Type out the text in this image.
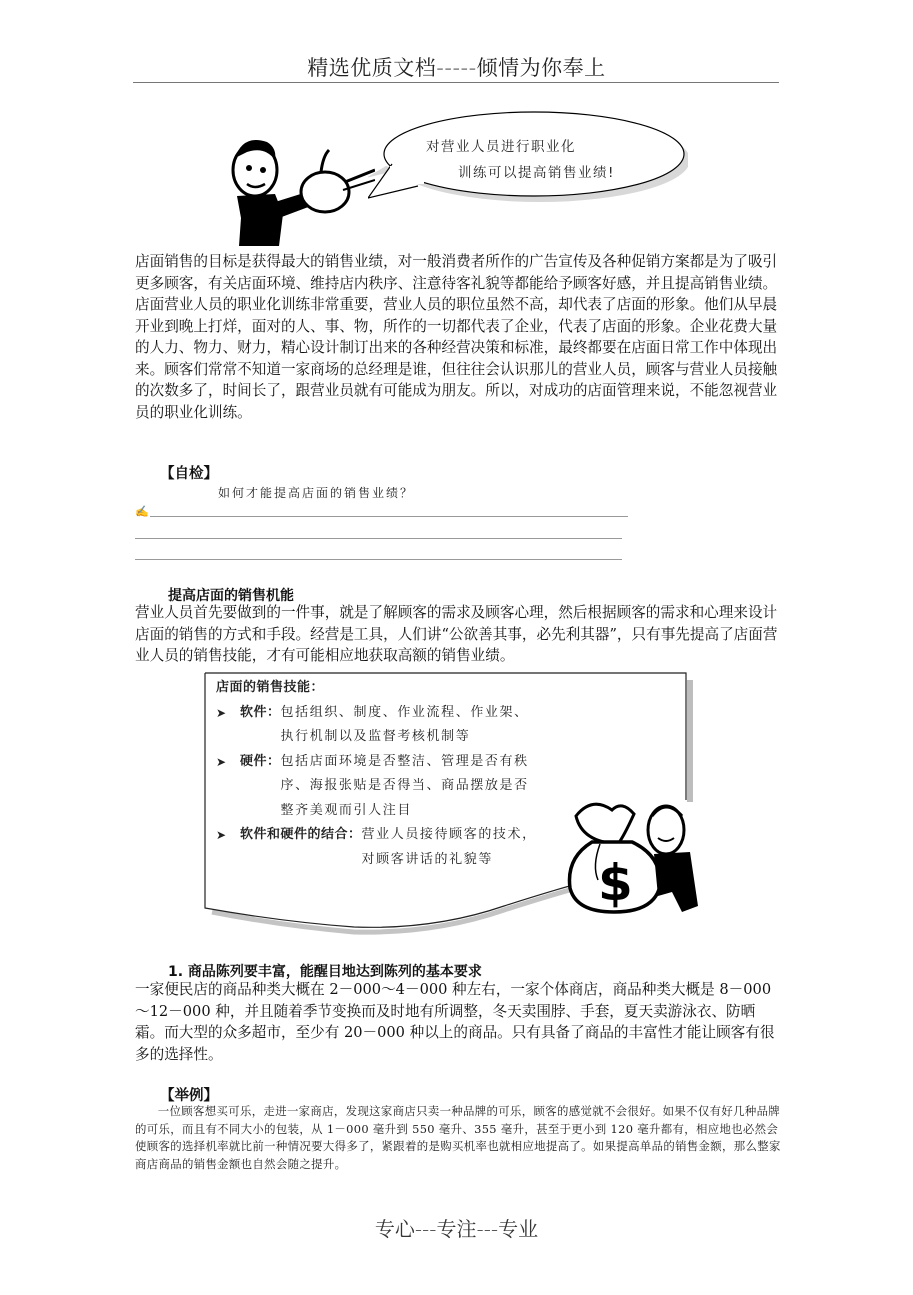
精选优质文档-----倾情为你奉上
对营业人员进行职业化
训练可以提高销售业绩!

店面销售的目标是获得最大的销售业绩，对一般消费者所作的广告宣传及各种促销方案都是为了吸引更多顾客，有关店面环境、维持店内秩序、注意待客礼貌等都能给予顾客好感，并且提高销售业绩。

店面营业人员的职业化训练非常重要，营业人员的职位虽然不高，却代表了店面的形象。他们从早晨开业到晚上打烊，面对的人、事、物，所作的一切都代表了企业，代表了店面的形象。企业花费大量的人力、物力、财力，精心设计制订出来的各种经营决策和标准，最终都要在店面日常工作中体现出来。顾客们常常不知道一家商场的总经理是谁，但往往会认识那儿的营业人员，顾客与营业人员接触的次数多了，时间长了，跟营业员就有可能成为朋友。所以，对成功的店面管理来说，不能忽视营业员的职业化训练。

【自检】
如何才能提高店面的销售业绩？
✍
提高店面的销售机能

营业人员首先要做到的一件事，就是了解顾客的需求及顾客心理，然后根据顾客的需求和心理来设计店面的销售的方式和手段。经营是工具，人们讲“公欲善其事，必先利其器”，只有事先提高了店面营业人员的销售技能，才有可能相应地获取高额的销售业绩。

店面的销售技能：
➤ 软件： 包括组织、制度、作业流程、作业架、
执行机制以及监督考核机制等
➤ 硬件： 包括店面环境是否整洁、管理是否有秩
序、海报张贴是否得当、商品摆放是否
整齐美观而引人注目
➤ 软件和硬件的结合： 营业人员接待顾客的技术，
对顾客讲话的礼貌等	$
1. 商品陈列要丰富，能醒目地达到陈列的基本要求

一家便民店的商品种类大概在 2－000～4－000 种左右，一家个体商店，商品种类大概是 8－000～12－000 种，并且随着季节变换而及时地有所调整，冬天卖围脖、手套，夏天卖游泳衣、防晒霜。而大型的众多超市，至少有 20－000 种以上的商品。只有具备了商品的丰富性才能让顾客有很多的选择性。

【举例】

一位顾客想买可乐，走进一家商店，发现这家商店只卖一种品牌的可乐，顾客的感觉就不会很好。如果不仅有好几种品牌的可乐，而且有不同大小的包装，从 1－000 毫升到 550 毫升、355 毫升，甚至于更小到 120 毫升都有，相应地也必然会使顾客的选择机率就比前一种情况要大得多了，紧跟着的是购买机率也就相应地提高了。如果提高单品的销售金额，那么整家商店商品的销售金额也自然会随之提升。

专心---专注---专业
